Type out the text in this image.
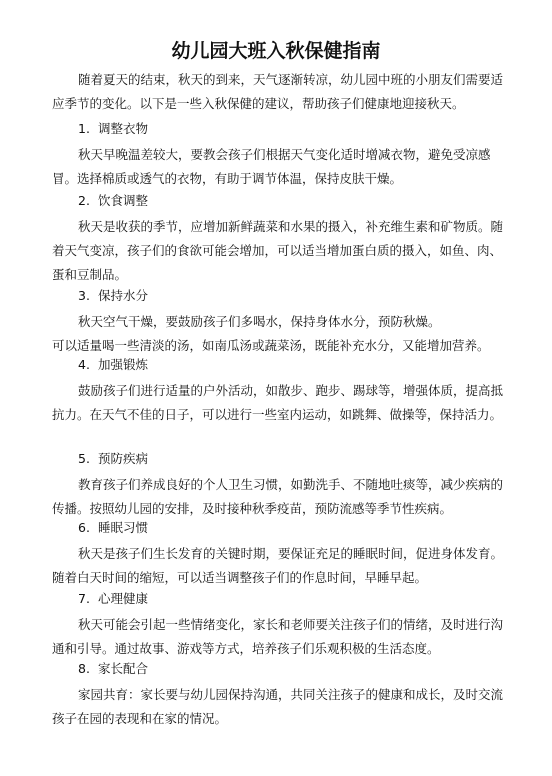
幼儿园大班入秋保健指南
随着夏天的结束，秋天的到来，天气逐渐转凉，幼儿园中班的小朋友们需要适应季节的变化。以下是一些入秋保健的建议，帮助孩子们健康地迎接秋天。
1. 调整衣物
秋天早晚温差较大，要教会孩子们根据天气变化适时增减衣物，避免受凉感冒。选择棉质或透气的衣物，有助于调节体温，保持皮肤干燥。
2. 饮食调整
秋天是收获的季节，应增加新鲜蔬菜和水果的摄入，补充维生素和矿物质。随着天气变凉，孩子们的食欲可能会增加，可以适当增加蛋白质的摄入，如鱼、肉、蛋和豆制品。
3. 保持水分
秋天空气干燥，要鼓励孩子们多喝水，保持身体水分，预防秋燥。
可以适量喝一些清淡的汤，如南瓜汤或蔬菜汤，既能补充水分，又能增加营养。
4. 加强锻炼
鼓励孩子们进行适量的户外活动，如散步、跑步、踢球等，增强体质，提高抵抗力。在天气不佳的日子，可以进行一些室内运动，如跳舞、做操等，保持活力。
5. 预防疾病
教育孩子们养成良好的个人卫生习惯，如勤洗手、不随地吐痰等，减少疾病的传播。按照幼儿园的安排，及时接种秋季疫苗，预防流感等季节性疾病。
6. 睡眠习惯
秋天是孩子们生长发育的关键时期，要保证充足的睡眠时间，促进身体发育。随着白天时间的缩短，可以适当调整孩子们的作息时间，早睡早起。
7. 心理健康
秋天可能会引起一些情绪变化，家长和老师要关注孩子们的情绪，及时进行沟通和引导。通过故事、游戏等方式，培养孩子们乐观积极的生活态度。
8. 家长配合
家园共育：家长要与幼儿园保持沟通，共同关注孩子的健康和成长，及时交流孩子在园的表现和在家的情况。
